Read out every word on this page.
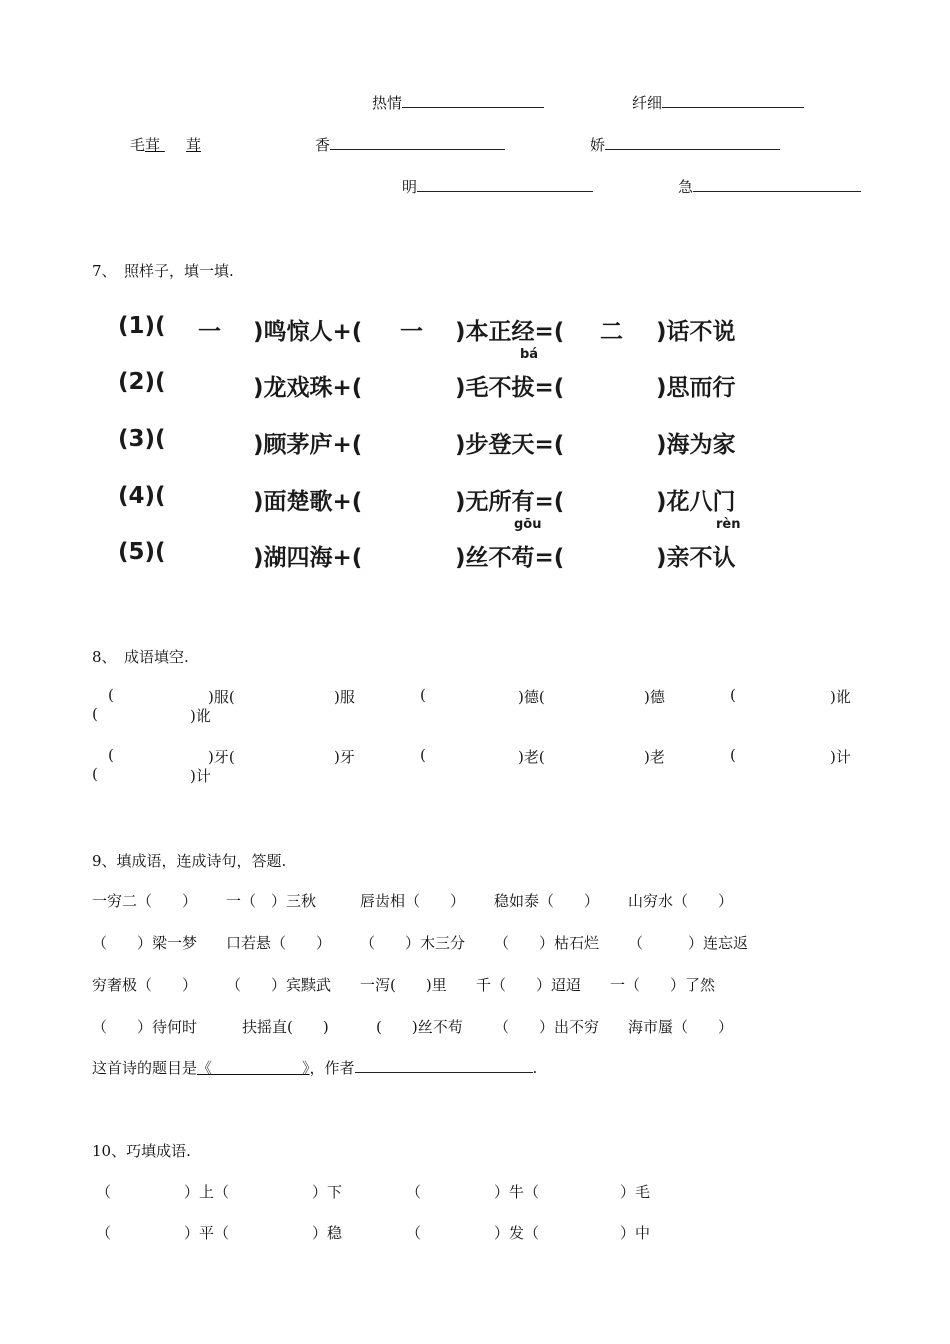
热情	纤细
毛茸 茸	香	娇
明	急
7、　照样子，填一填.
(1)( 一 )鸣惊人+( 一 )本正经=( 二 )话不说
bá
(2)(	)龙戏珠+(	)毛不拔=(	)思而行
(3)(	)顾茅庐+(	)步登天=(	)海为家
(4)(	)面楚歌+(	)无所有=(	)花八门
gōu	rèn
(5)(	)湖四海+(	)丝不苟=(	)亲不认
8、　成语填空.
(	)服(	)服	(	)德(	)德	(	)讹
(	)讹
(	)牙(	)牙	(	)老(	)老	(	)计
(	)计
9、填成语，连成诗句，答题.
一穷二（　　） 一（　）三秋	唇齿相（　　） 稳如泰（　　） 山穷水（　　）
（　　）梁一梦 口若悬（　　） （　　）木三分 （　　）枯石烂 （　　　）连忘返
穷奢极（　　） （　　）宾黩武 一泻(　　)里 千（　　）迢迢 一（　　）了然
（　　）待何时	扶摇直(　　)	(　　)丝不苟 （　　）出不穷 海市蜃（　　）
这首诗的题目是《　　　　　　》，作者	.
10、巧填成语.
（	）上（	）下	（	）牛（	）毛
（	）平（	）稳	（	）发（	）中
